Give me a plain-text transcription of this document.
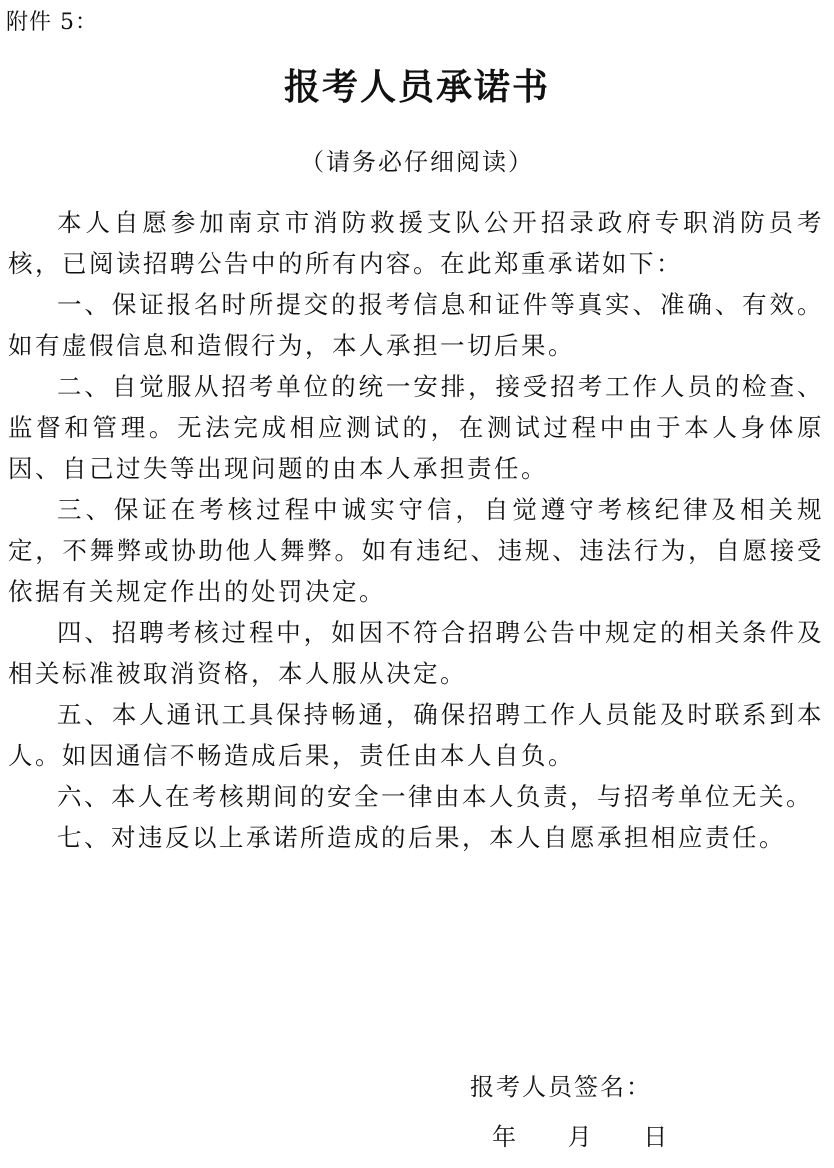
附件 5：
报考人员承诺书
（请务必仔细阅读）

本人自愿参加南京市消防救援支队公开招录政府专职消防员考核，已阅读招聘公告中的所有内容。在此郑重承诺如下：

一、保证报名时所提交的报考信息和证件等真实、准确、有效。如有虚假信息和造假行为，本人承担一切后果。

二、自觉服从招考单位的统一安排，接受招考工作人员的检查、监督和管理。无法完成相应测试的，在测试过程中由于本人身体原因、自己过失等出现问题的由本人承担责任。

三、保证在考核过程中诚实守信，自觉遵守考核纪律及相关规定，不舞弊或协助他人舞弊。如有违纪、违规、违法行为，自愿接受依据有关规定作出的处罚决定。

四、招聘考核过程中，如因不符合招聘公告中规定的相关条件及相关标准被取消资格，本人服从决定。

五、本人通讯工具保持畅通，确保招聘工作人员能及时联系到本人。如因通信不畅造成后果，责任由本人自负。

六、本人在考核期间的安全一律由本人负责，与招考单位无关。

七、对违反以上承诺所造成的后果，本人自愿承担相应责任。

报考人员签名：
年 月 日
